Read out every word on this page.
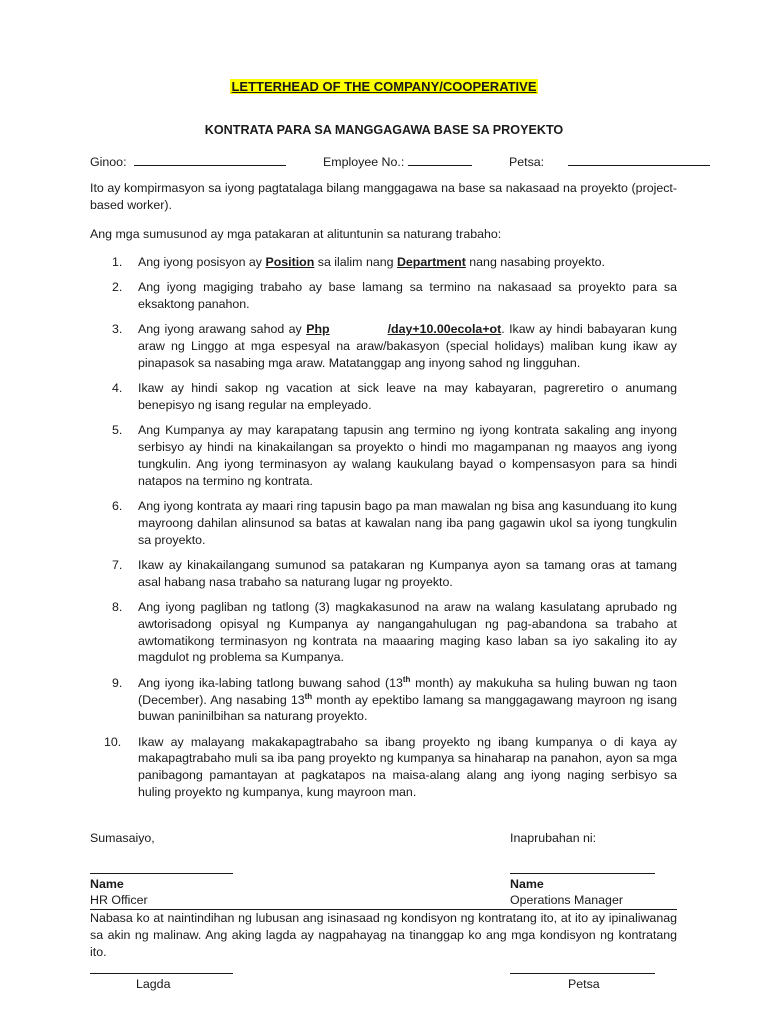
LETTERHEAD OF THE COMPANY/COOPERATIVE
KONTRATA PARA SA MANGGAGAWA BASE SA PROYEKTO
Ginoo:	Employee No.:	Petsa:
Ito ay kompirmasyon sa iyong pagtatalaga bilang manggagawa na base sa nakasaad na proyekto (project-based worker).
Ang mga sumusunod ay mga patakaran at alituntunin sa naturang trabaho:
1.	Ang iyong posisyon ay Position sa ilalim nang Department nang nasabing proyekto.
2.	Ang iyong magiging trabaho ay base lamang sa termino na nakasaad sa proyekto para sa eksaktong panahon.
3.	Ang iyong arawang sahod ay Php	/day+10.00ecola+ot. Ikaw ay hindi babayaran kung araw ng Linggo at mga espesyal na araw/bakasyon (special holidays) maliban kung ikaw ay pinapasok sa nasabing mga araw. Matatanggap ang inyong sahod ng lingguhan.
4.	Ikaw ay hindi sakop ng vacation at sick leave na may kabayaran, pagreretiro o anumang benepisyo ng isang regular na empleyado.
5.	Ang Kumpanya ay may karapatang tapusin ang termino ng iyong kontrata sakaling ang inyong serbisyo ay hindi na kinakailangan sa proyekto o hindi mo magampanan ng maayos ang iyong tungkulin. Ang iyong terminasyon ay walang kaukulang bayad o kompensasyon para sa hindi natapos na termino ng kontrata.
6.	Ang iyong kontrata ay maari ring tapusin bago pa man mawalan ng bisa ang kasunduang ito kung mayroong dahilan alinsunod sa batas at kawalan nang iba pang gagawin ukol sa iyong tungkulin sa proyekto.
7.	Ikaw ay kinakailangang sumunod sa patakaran ng Kumpanya ayon sa tamang oras at tamang asal habang nasa trabaho sa naturang lugar ng proyekto.
8.	Ang iyong pagliban ng tatlong (3) magkakasunod na araw na walang kasulatang aprubado ng awtorisadong opisyal ng Kumpanya ay nangangahulugan ng pag-abandona sa trabaho at awtomatikong terminasyon ng kontrata na maaaring maging kaso laban sa iyo sakaling ito ay magdulot ng problema sa Kumpanya.
9.	Ang iyong ika-labing tatlong buwang sahod (13th month) ay makukuha sa huling buwan ng taon (December). Ang nasabing 13th month ay epektibo lamang sa manggagawang mayroon ng isang buwan paninilbihan sa naturang proyekto.
10.	Ikaw ay malayang makakapagtrabaho sa ibang proyekto ng ibang kumpanya o di kaya ay makapagtrabaho muli sa iba pang proyekto ng kumpanya sa hinaharap na panahon, ayon sa mga panibagong pamantayan at pagkatapos na maisa-alang alang ang iyong naging serbisyo sa huling proyekto ng kumpanya, kung mayroon man.
Sumasaiyo,	Inaprubahan ni:
Name	Name
HR Officer	Operations Manager
Nabasa ko at naintindihan ng lubusan ang isinasaad ng kondisyon ng kontratang ito, at ito ay ipinaliwanag sa akin ng malinaw. Ang aking lagda ay nagpahayag na tinanggap ko ang mga kondisyon ng kontratang ito.
Lagda	Petsa
